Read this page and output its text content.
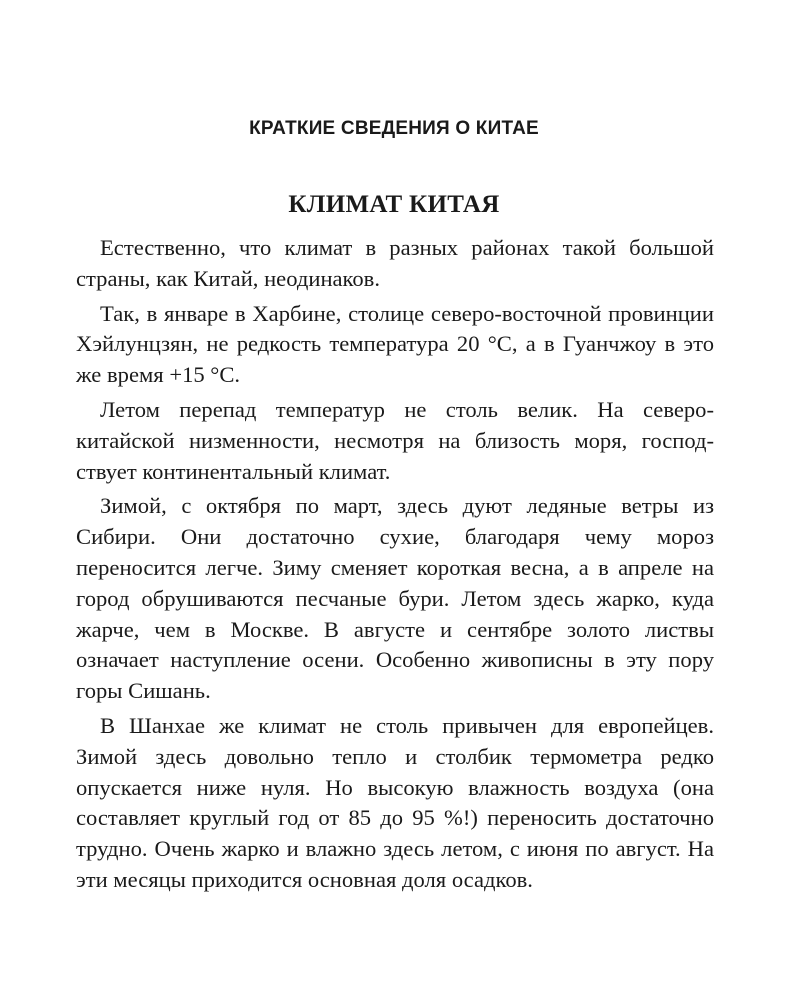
КРАТКИЕ СВЕДЕНИЯ О КИТАЕ
КЛИМАТ КИТАЯ

Естественно, что климат в разных районах такой большой страны, как Китай, неодинаков.

Так, в январе в Харбине, столице северо-восточной провинции Хэйлунцзян, не редкость температура 20 °С, а в Гуанчжоу в это же время +15 °С.

Летом перепад температур не столь велик. На северо-китайской низменности, несмотря на близость моря, господствует континентальный климат.

Зимой, с октября по март, здесь дуют ледяные ветры из Сибири. Они достаточно сухие, благодаря чему мороз переносится легче. Зиму сменяет короткая весна, а в апреле на город обрушиваются песчаные бури. Летом здесь жарко, куда жарче, чем в Москве. В августе и сентябре золото листвы означает наступление осени. Особенно живописны в эту пору горы Сишань.

В Шанхае же климат не столь привычен для европейцев. Зимой здесь довольно тепло и столбик термометра редко опускается ниже нуля. Но высокую влажность воздуха (она составляет круглый год от 85 до 95 %!) переносить достаточно трудно. Очень жарко и влажно здесь летом, с июня по август. На эти месяцы приходится основная доля осадков.
